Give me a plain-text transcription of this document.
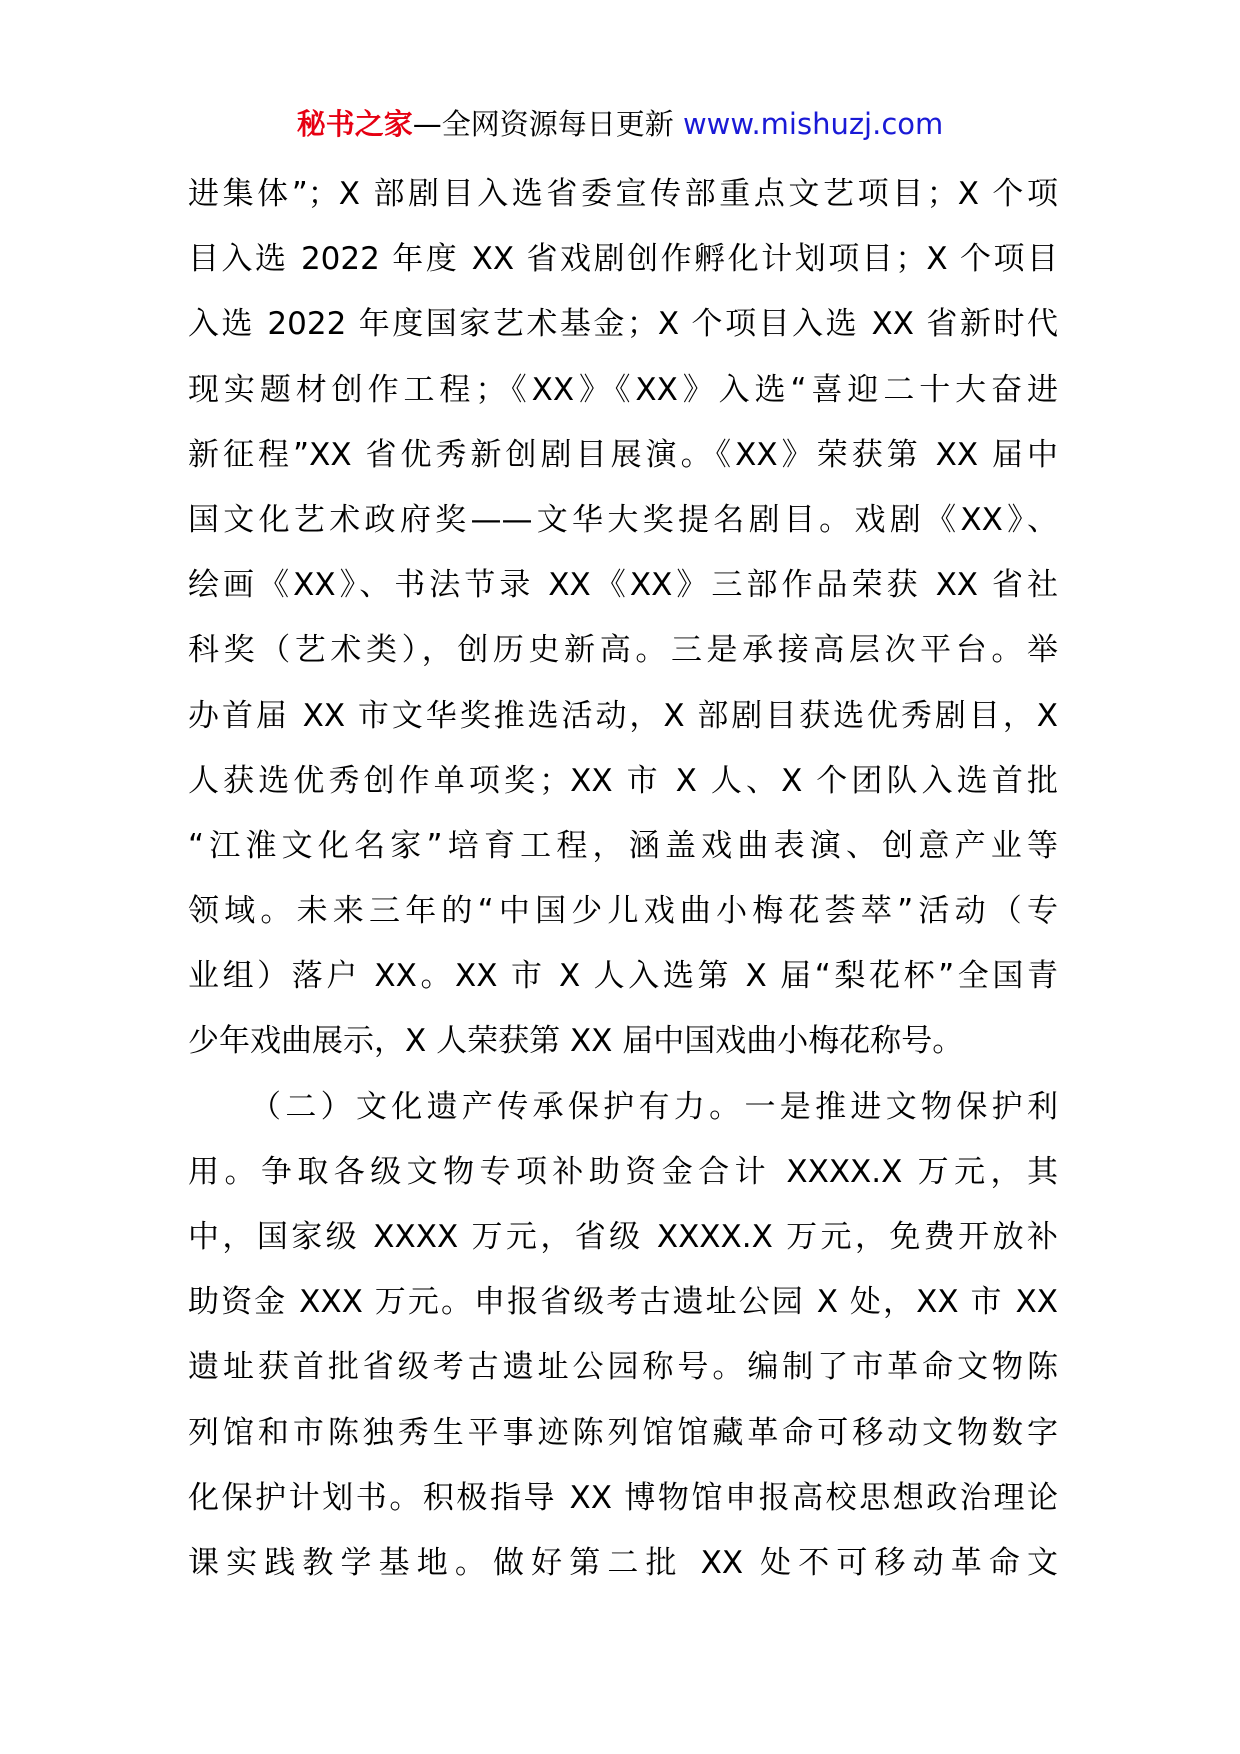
秘书之家—全网资源每日更新 www.mishuzj.com
进集体”；X 部剧目入选省委宣传部重点文艺项目；X 个项
目入选 2022 年度 XX 省戏剧创作孵化计划项目；X 个项目
入选 2022 年度国家艺术基金；X 个项目入选 XX 省新时代
现实题材创作工程；《XX》《XX》入选“喜迎二十大奋进
新征程”XX 省优秀新创剧目展演。《XX》荣获第 XX 届中
国文化艺术政府奖——文华大奖提名剧目。戏剧《XX》、
绘画《XX》、书法节录 XX《XX》三部作品荣获 XX 省社
科奖（艺术类），创历史新高。三是承接高层次平台。举
办首届 XX 市文华奖推选活动，X 部剧目获选优秀剧目，X
人获选优秀创作单项奖；XX 市 X 人、X 个团队入选首批
“江淮文化名家”培育工程，涵盖戏曲表演、创意产业等
领域。未来三年的“中国少儿戏曲小梅花荟萃”活动（专
业组）落户 XX。XX 市 X 人入选第 X 届“梨花杯”全国青
少年戏曲展示，X 人荣获第 XX 届中国戏曲小梅花称号。
（二）文化遗产传承保护有力。一是推进文物保护利
用。争取各级文物专项补助资金合计 XXXX.X 万元，其
中，国家级 XXXX 万元，省级 XXXX.X 万元，免费开放补
助资金 XXX 万元。申报省级考古遗址公园 X 处，XX 市 XX
遗址获首批省级考古遗址公园称号。编制了市革命文物陈
列馆和市陈独秀生平事迹陈列馆馆藏革命可移动文物数字
化保护计划书。积极指导 XX 博物馆申报高校思想政治理论
课实践教学基地。做好第二批 XX 处不可移动革命文
